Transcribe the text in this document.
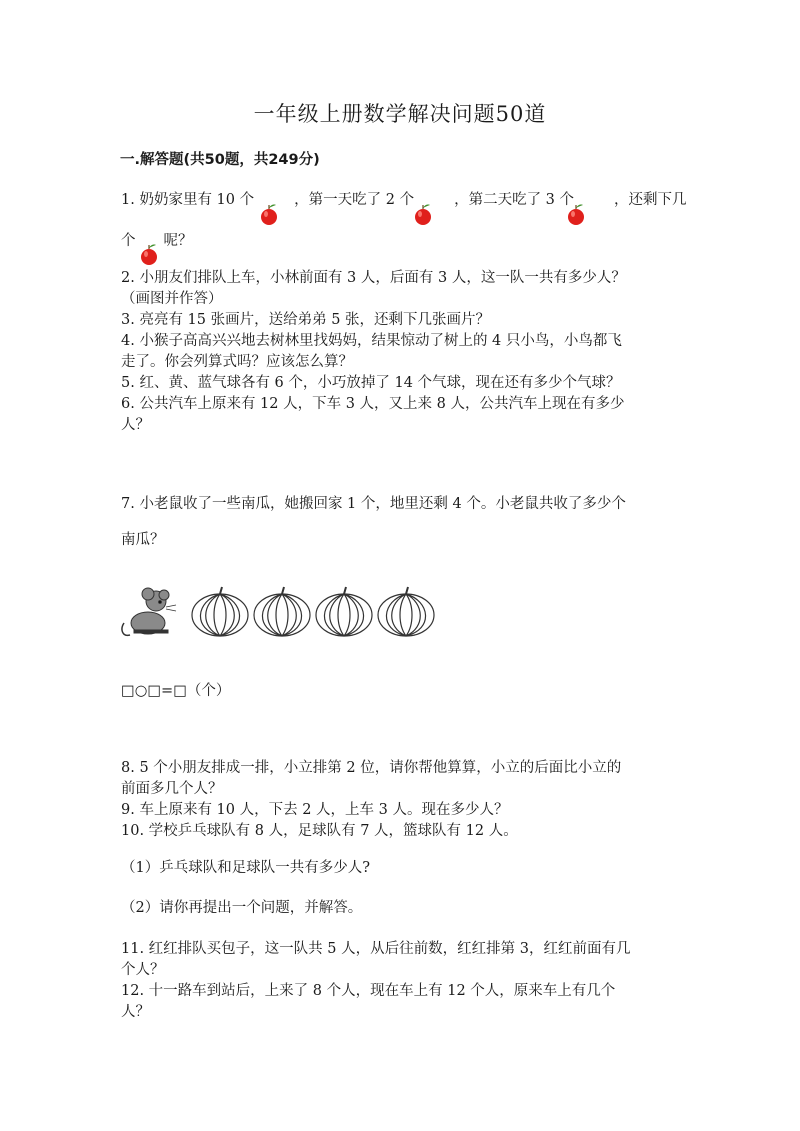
一年级上册数学解决问题50道
一.解答题(共50题，共249分)
1. 奶奶家里有 10 个	，第一天吃了 2 个	，第二天吃了 3 个	，还剩下几
个 呢？
2. 小朋友们排队上车，小林前面有 3 人，后面有 3 人，这一队一共有多少人？
（画图并作答）
3. 亮亮有 15 张画片，送给弟弟 5 张，还剩下几张画片？
4. 小猴子高高兴兴地去树林里找妈妈，结果惊动了树上的 4 只小鸟，小鸟都飞
走了。你会列算式吗？应该怎么算？
5. 红、黄、蓝气球各有 6 个，小巧放掉了 14 个气球，现在还有多少个气球？
6. 公共汽车上原来有 12 人，下车 3 人，又上来 8 人，公共汽车上现在有多少
人？
7. 小老鼠收了一些南瓜，她搬回家 1 个，地里还剩 4 个。小老鼠共收了多少个
南瓜？
□○□=□（个）
8. 5 个小朋友排成一排，小立排第 2 位，请你帮他算算，小立的后面比小立的
前面多几个人？
9. 车上原来有 10 人，下去 2 人，上车 3 人。现在多少人？
10. 学校乒乓球队有 8 人，足球队有 7 人，篮球队有 12 人。
（1）乒乓球队和足球队一共有多少人?
（2）请你再提出一个问题，并解答。
11. 红红排队买包子，这一队共 5 人，从后往前数，红红排第 3，红红前面有几
个人？
12. 十一路车到站后，上来了 8 个人，现在车上有 12 个人，原来车上有几个
人？
